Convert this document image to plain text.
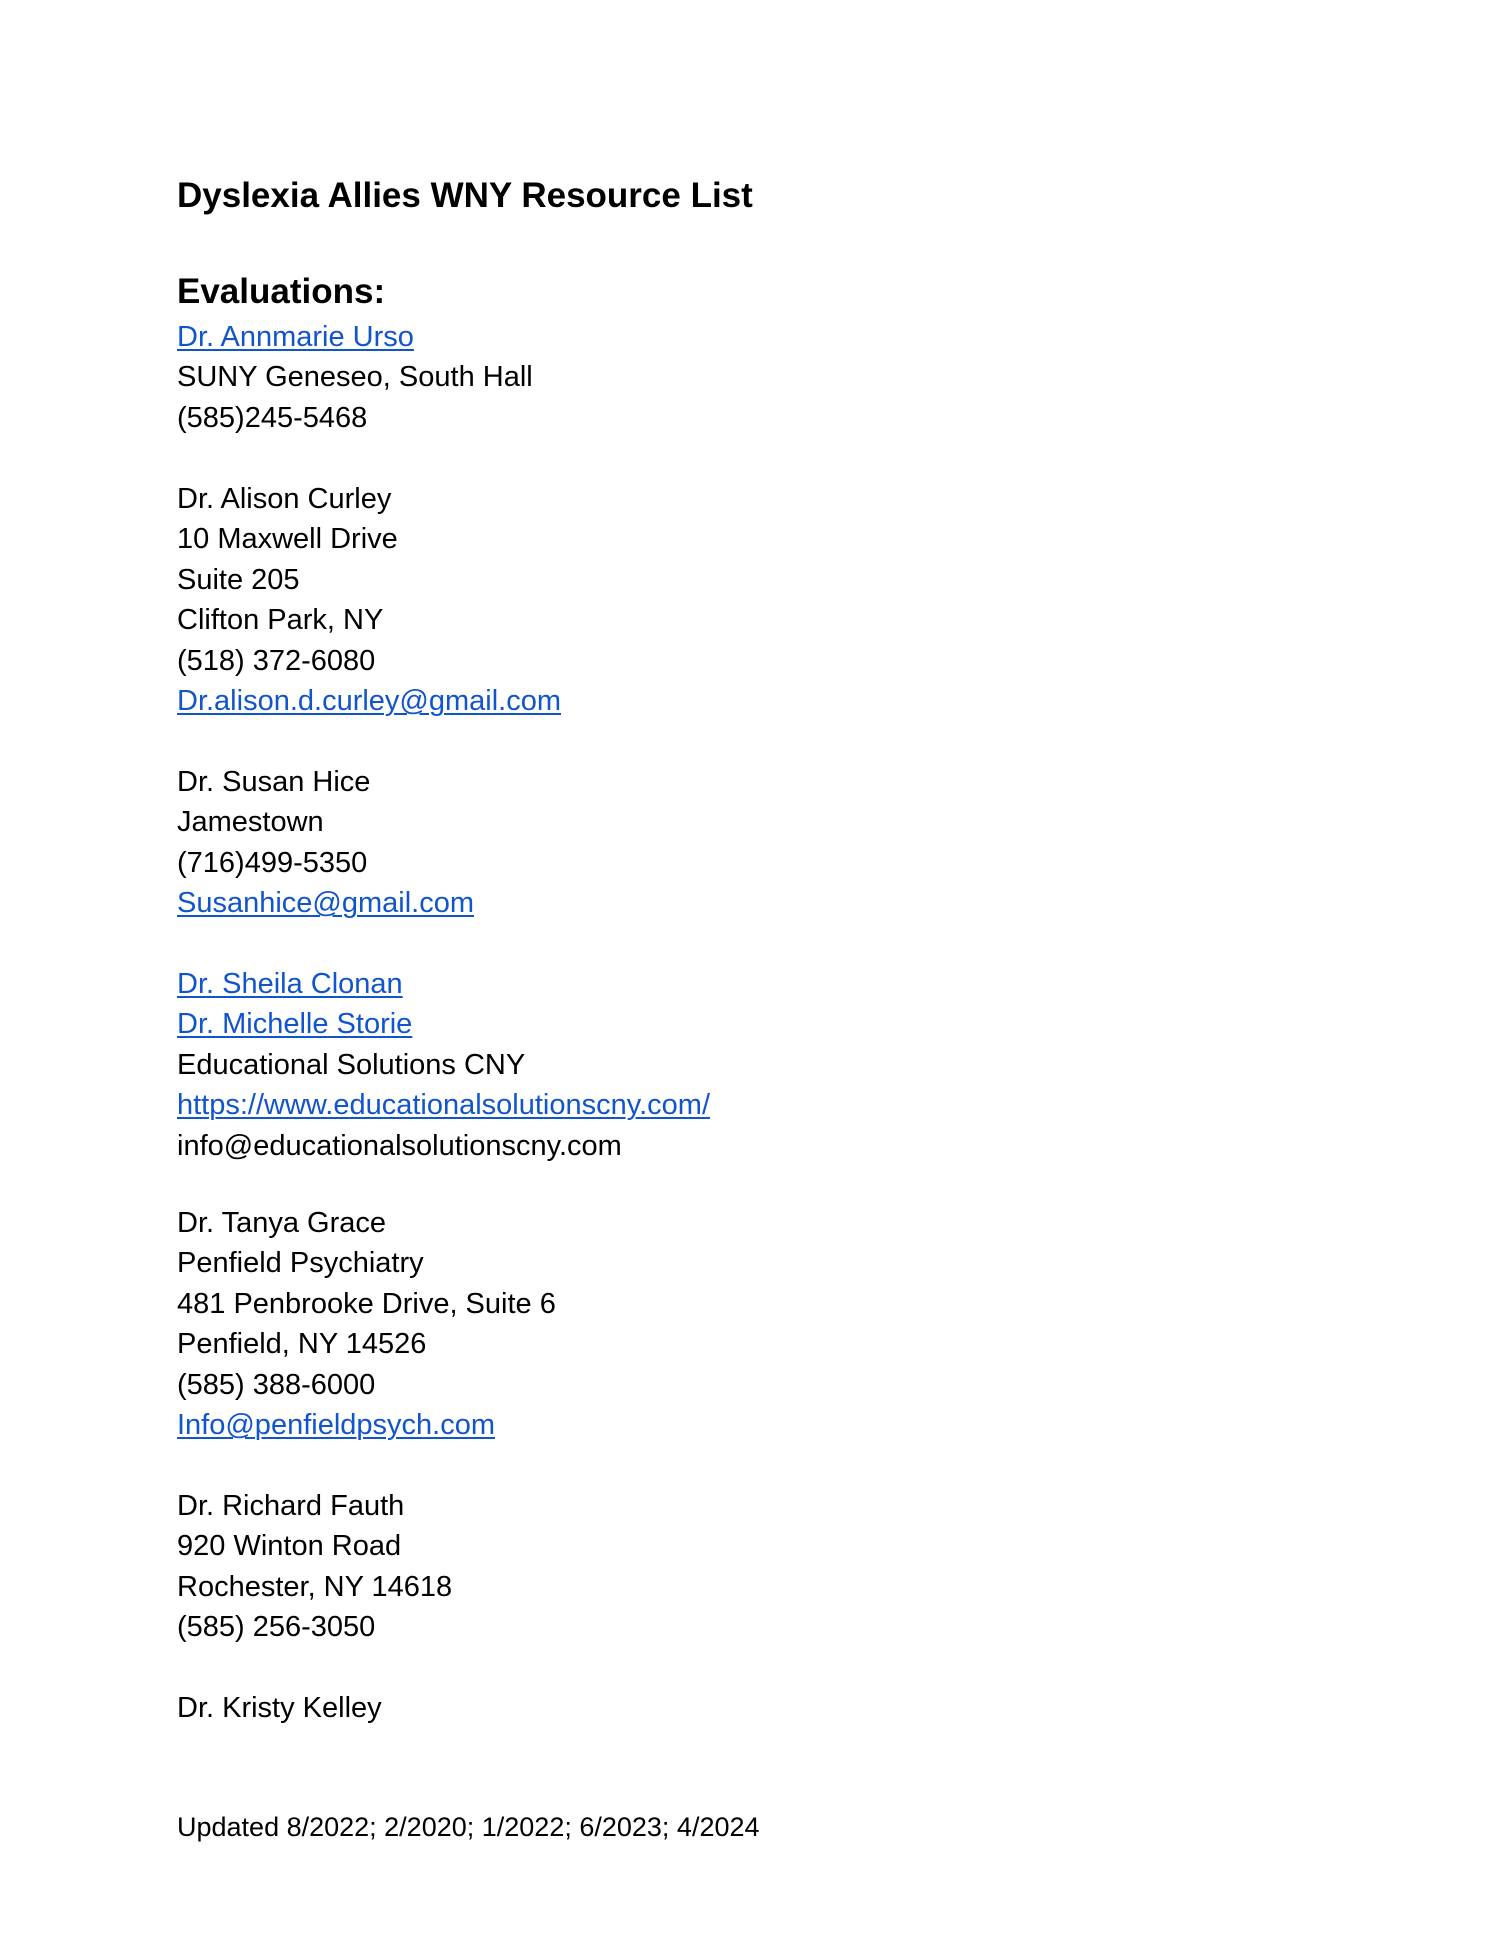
Dyslexia Allies WNY Resource List
Evaluations:
Dr. Annmarie Urso
SUNY Geneseo, South Hall
(585)245-5468
Dr. Alison Curley
10 Maxwell Drive
Suite 205
Clifton Park, NY
(518) 372-6080
Dr.alison.d.curley@gmail.com
Dr. Susan Hice
Jamestown
(716)499-5350
Susanhice@gmail.com
Dr. Sheila Clonan
Dr. Michelle Storie
Educational Solutions CNY
https://www.educationalsolutionscny.com/
info@educationalsolutionscny.com
Dr. Tanya Grace
Penfield Psychiatry
481 Penbrooke Drive, Suite 6
Penfield, NY 14526
(585) 388-6000
Info@penfieldpsych.com
Dr. Richard Fauth
920 Winton Road
Rochester, NY 14618
(585) 256-3050
Dr. Kristy Kelley
Updated 8/2022; 2/2020; 1/2022; 6/2023; 4/2024
